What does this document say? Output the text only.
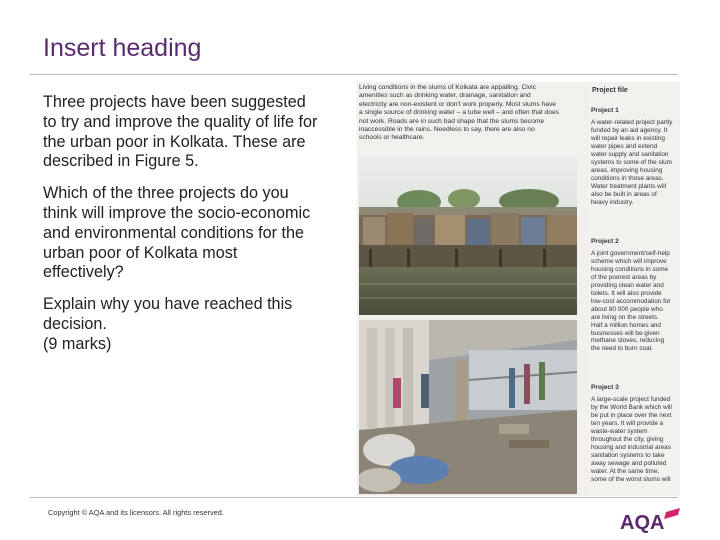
Insert heading

Three projects have been suggested
to try and improve the quality of life for
the urban poor in Kolkata. These are
described in Figure 5.

Which of the three projects do you
think will improve the socio-economic
and environmental conditions for the
urban poor of Kolkata most
effectively?

Explain why you have reached this
decision.
(9 marks)

Living conditions in the slums of Kolkata are appalling. Civic
amenities such as drinking water, drainage, sanitation and
electricity are non-existent or don't work properly. Most slums have
a single source of drinking water – a tube well – and often that does
not work. Roads are in such bad shape that the slums become
inaccessible in the rains. Needless to say, there are also no
schools or healthcare.
Project file
Project 1
A water-related project partly
funded by an aid agency. It
will repair leaks in existing
water pipes and extend
water supply and sanitation
systems to some of the slum
areas, improving housing
conditions in those areas.
Water treatment plants will
also be built in areas of
heavy industry.
Project 2
A joint government/self-help
scheme which will improve
housing conditions in some
of the poorest areas by
providing clean water and
toilets. It will also provide
low-cost accommodation for
about 80 000 people who
are living on the streets.
Half a million homes and
businesses will be given
methane stoves, reducing
the need to burn coal.
Project 3
A large-scale project funded
by the World Bank which will
be put in place over the next
ten years. It will provide a
waste-water system
throughout the city, giving
housing and industrial areas
sanitation systems to take
away sewage and polluted
water. At the same time,
some of the worst slums will
Copyright © AQA and its licensors. All rights reserved.	AQA
